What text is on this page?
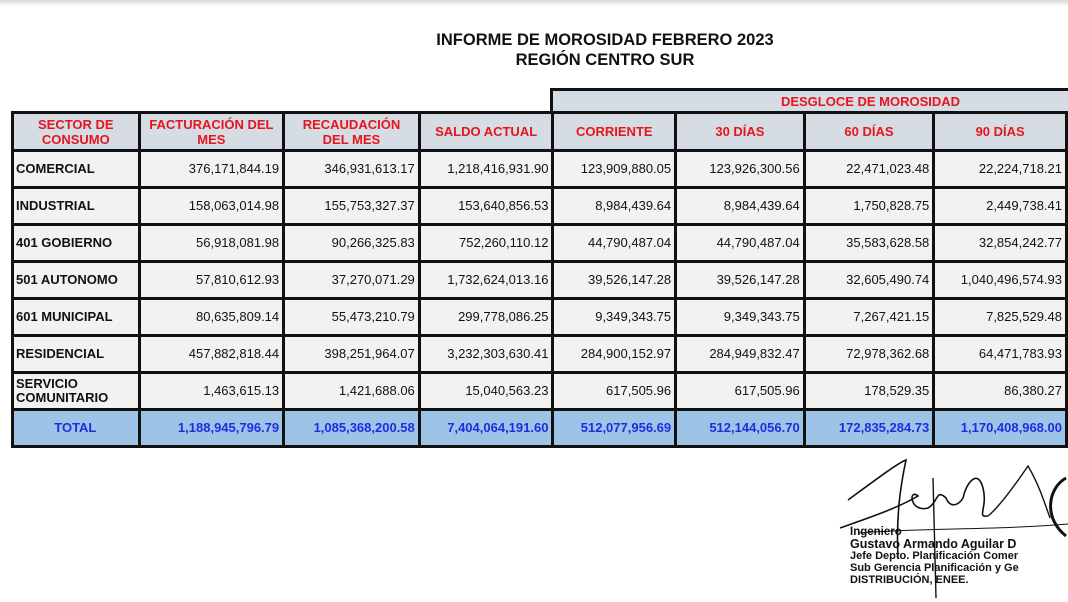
INFORME DE MOROSIDAD FEBRERO 2023
REGIÓN CENTRO SUR
DESGLOCE DE MOROSIDAD
SECTOR DE CONSUMO	FACTURACIÓN DEL MES	RECAUDACIÓN DEL MES	SALDO ACTUAL	CORRIENTE	30 DÍAS	60 DÍAS	90 DÍAS
COMERCIAL	376,171,844.19	346,931,613.17	1,218,416,931.90	123,909,880.05	123,926,300.56	22,471,023.48	22,224,718.21
INDUSTRIAL	158,063,014.98	155,753,327.37	153,640,856.53	8,984,439.64	8,984,439.64	1,750,828.75	2,449,738.41
401 GOBIERNO	56,918,081.98	90,266,325.83	752,260,110.12	44,790,487.04	44,790,487.04	35,583,628.58	32,854,242.77
501 AUTONOMO	57,810,612.93	37,270,071.29	1,732,624,013.16	39,526,147.28	39,526,147.28	32,605,490.74	1,040,496,574.93
601 MUNICIPAL	80,635,809.14	55,473,210.79	299,778,086.25	9,349,343.75	9,349,343.75	7,267,421.15	7,825,529.48
RESIDENCIAL	457,882,818.44	398,251,964.07	3,232,303,630.41	284,900,152.97	284,949,832.47	72,978,362.68	64,471,783.93
SERVICIO COMUNITARIO	1,463,615.13	1,421,688.06	15,040,563.23	617,505.96	617,505.96	178,529.35	86,380.27
TOTAL	1,188,945,796.79	1,085,368,200.58	7,404,064,191.60	512,077,956.69	512,144,056.70	172,835,284.73	1,170,408,968.00
Ingeniero
Gustavo Armando Aguilar D
Jefe Depto. Planificación Comer
Sub Gerencia Planificación y Ge
DISTRIBUCIÓN, ENEE.
